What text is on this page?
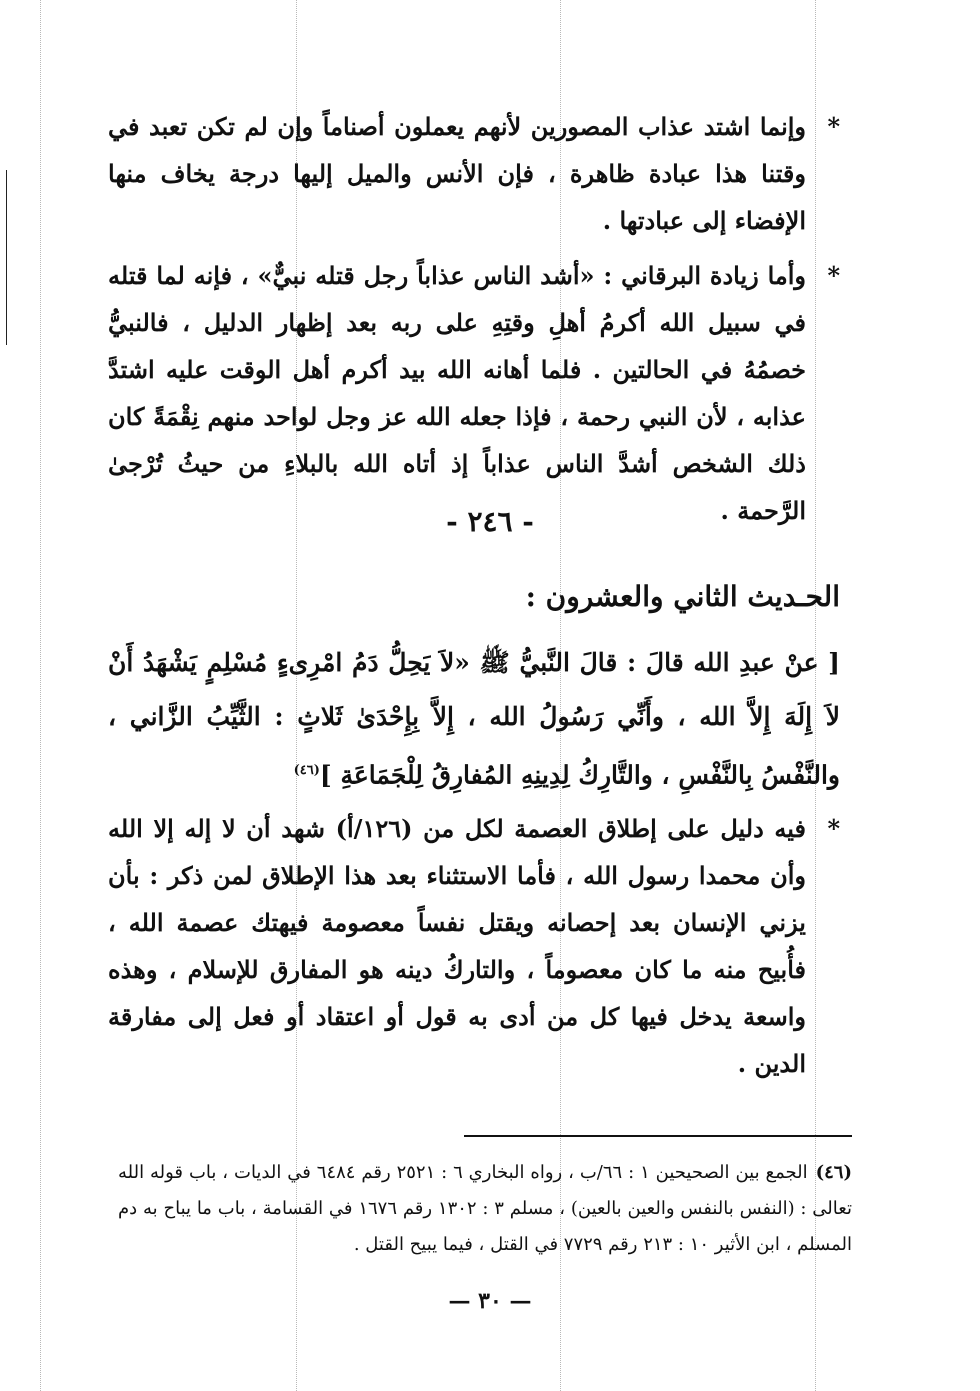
*

وإنما اشتد عذاب المصورين لأنهم يعملون أصناماً وإن لم تكن تعبد في وقتنا هذا عبادة ظاهرة ، فإن الأنس والميل إليها درجة يخاف منها الإفضاء إلى عبادتها .

*

وأما زيادة البرقاني : «أشد الناس عذاباً رجل قتله نبيٌّ» ، فإنه لما قتله في سبيل الله أكرمُ أهلِ وقتِهِ على ربه بعد إظهار الدليل ، فالنبيُّ خصمُهُ في الحالتين . فلما أهانه الله بيد أكرم أهل الوقت عليه اشتدَّ عذابه ، لأن النبي رحمة ، فإذا جعله الله عز وجل لواحد منهم نِقْمَةً كان ذلك الشخص أشدَّ الناس عذاباً إذ أتاه الله بالبلاءِ من حيثُ تُرْجىٰ الرَّحمة .

- ٢٤٦ -
الحـديث الثاني والعشرون :

[ عنْ عبدِ الله قالَ : قالَ النَّبيُّ ﷺ «لاَ يَحِلُّ دَمُ امْرِىءٍ مُسْلِمٍ يَشْهَدُ أَنْ لاَ إِلَهَ إِلاَّ الله ، وأَنِّي رَسُولُ الله ، إِلاَّ بِإِحْدَىٰ ثَلاثٍ : الثَّيِّبُ الزَّاني ، والنَّفْسُ بِالنَّفْسِ ، والتَّارِكُ لِدِينِهِ المُفارِقُ لِلْجَمَاعَةِ ]$^{(٤٦)}$

*

فيه دليل على إطلاق العصمة لكل من (١٢٦/أ) شهد أن لا إله إلا الله وأن محمدا رسول الله ، فأما الاستثناء بعد هذا الإطلاق لمن ذكر : بأن يزني الإنسان بعد إحصانه ويقتل نفساً معصومة فيهتك عصمة الله ، فأُبيح منه ما كان معصوماً ، والتاركُ دينه هو المفارق للإسلام ، وهذه واسعة يدخل فيها كل من أدى به قول أو اعتقاد أو فعل إلى مفارقة الدين .

(٤٦)الجمع بين الصحيحين ١ : ٦٦/ب ، رواه البخاري ٦ : ٢٥٢١ رقم ٦٤٨٤ في الديات ، باب قوله الله تعالى : (النفس بالنفس والعين بالعين) ، مسلم ٣ : ١٣٠٢ رقم ١٦٧٦ في القسامة ، باب ما يباح به دم المسلم ، ابن الأثير ١٠ : ٢١٣ رقم ٧٧٢٩ في القتل ، فيما يبيح القتل .
— ٣٠ —
